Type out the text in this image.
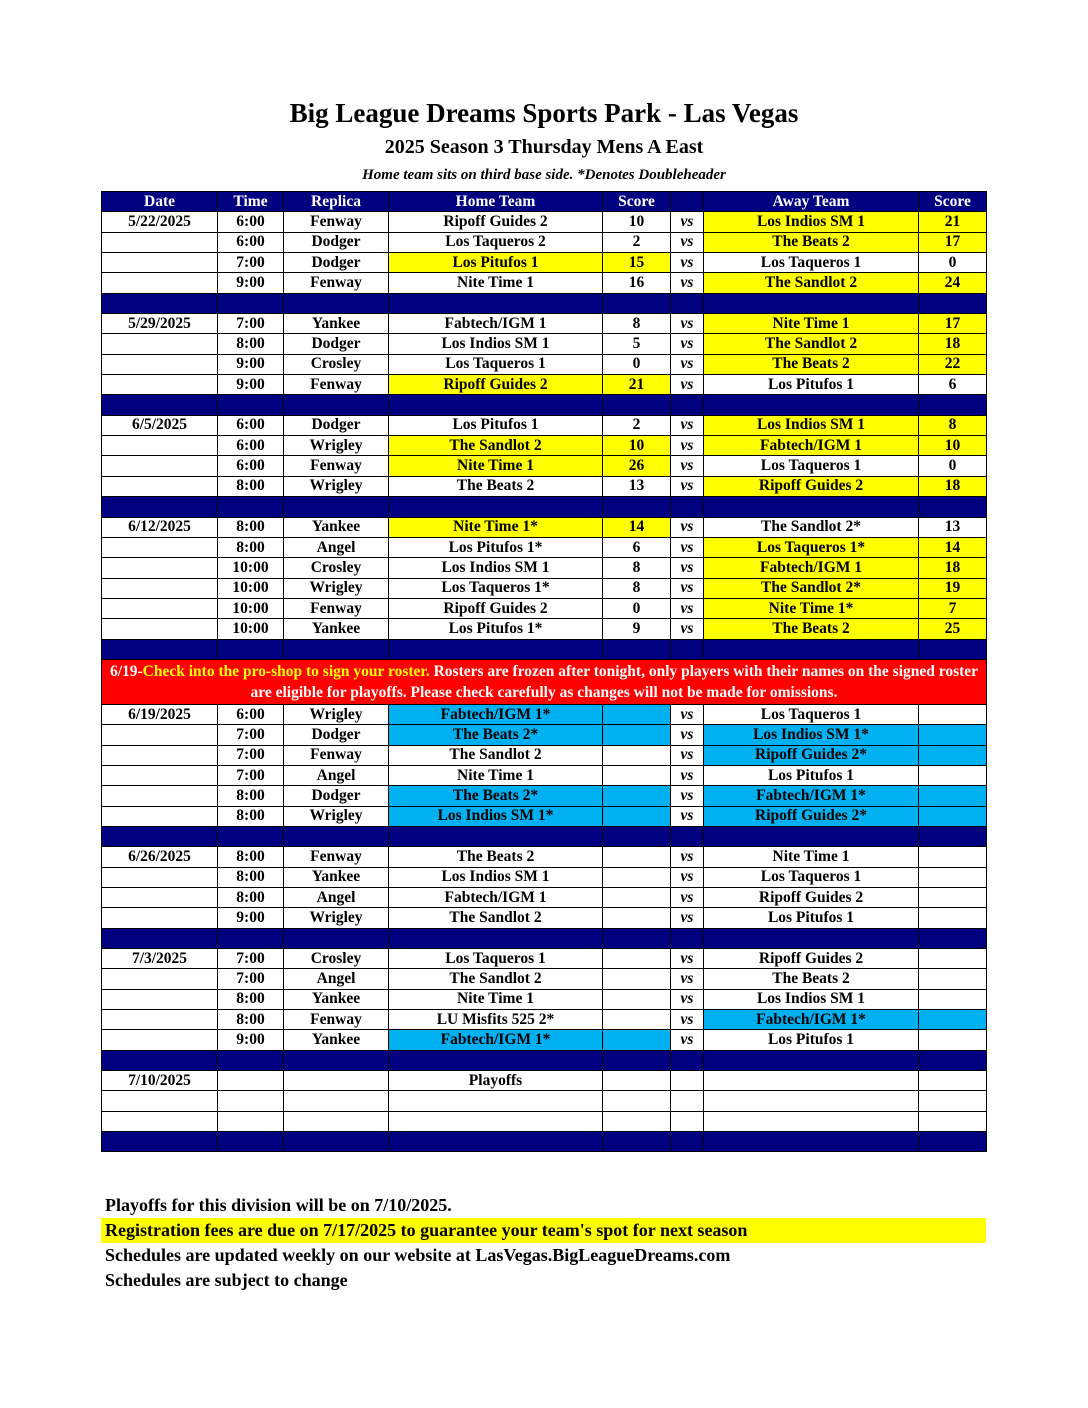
Big League Dreams Sports Park - Las Vegas
2025 Season 3 Thursday Mens A East
Home team sits on third base side. *Denotes Doubleheader
Date	Time	Replica	Home Team	Score		Away Team	Score
5/22/2025	6:00	Fenway	Ripoff Guides 2	10	vs	Los Indios SM 1	21
	6:00	Dodger	Los Taqueros 2	2	vs	The Beats 2	17
	7:00	Dodger	Los Pitufos 1	15	vs	Los Taqueros 1	0
	9:00	Fenway	Nite Time 1	16	vs	The Sandlot 2	24

5/29/2025	7:00	Yankee	Fabtech/IGM 1	8	vs	Nite Time 1	17
	8:00	Dodger	Los Indios SM 1	5	vs	The Sandlot 2	18
	9:00	Crosley	Los Taqueros 1	0	vs	The Beats 2	22
	9:00	Fenway	Ripoff Guides 2	21	vs	Los Pitufos 1	6

6/5/2025	6:00	Dodger	Los Pitufos 1	2	vs	Los Indios SM 1	8
	6:00	Wrigley	The Sandlot 2	10	vs	Fabtech/IGM 1	10
	6:00	Fenway	Nite Time 1	26	vs	Los Taqueros 1	0
	8:00	Wrigley	The Beats 2	13	vs	Ripoff Guides 2	18

6/12/2025	8:00	Yankee	Nite Time 1*	14	vs	The Sandlot 2*	13
	8:00	Angel	Los Pitufos 1*	6	vs	Los Taqueros 1*	14
	10:00	Crosley	Los Indios SM 1	8	vs	Fabtech/IGM 1	18
	10:00	Wrigley	Los Taqueros 1*	8	vs	The Sandlot 2*	19
	10:00	Fenway	Ripoff Guides 2	0	vs	Nite Time 1*	7
	10:00	Yankee	Los Pitufos 1*	9	vs	The Beats 2	25

6/19-Check into the pro-shop to sign your roster. Rosters are frozen after tonight, only players with their names on the signed roster are eligible for playoffs. Please check carefully as changes will not be made for omissions.							
6/19/2025	6:00	Wrigley	Fabtech/IGM 1*		vs	Los Taqueros 1	
	7:00	Dodger	The Beats 2*		vs	Los Indios SM 1*	
	7:00	Fenway	The Sandlot 2		vs	Ripoff Guides 2*	
	7:00	Angel	Nite Time 1		vs	Los Pitufos 1	
	8:00	Dodger	The Beats 2*		vs	Fabtech/IGM 1*	
	8:00	Wrigley	Los Indios SM 1*		vs	Ripoff Guides 2*	

6/26/2025	8:00	Fenway	The Beats 2		vs	Nite Time 1	
	8:00	Yankee	Los Indios SM 1		vs	Los Taqueros 1	
	8:00	Angel	Fabtech/IGM 1		vs	Ripoff Guides 2	
	9:00	Wrigley	The Sandlot 2		vs	Los Pitufos 1	

7/3/2025	7:00	Crosley	Los Taqueros 1		vs	Ripoff Guides 2	
	7:00	Angel	The Sandlot 2		vs	The Beats 2	
	8:00	Yankee	Nite Time 1		vs	Los Indios SM 1	
	8:00	Fenway	LU Misfits 525 2*		vs	Fabtech/IGM 1*	
	9:00	Yankee	Fabtech/IGM 1*		vs	Los Pitufos 1	

7/10/2025			Playoffs				

Playoffs for this division will be on 7/10/2025.
Registration fees are due on 7/17/2025 to guarantee your team's spot for next season
Schedules are updated weekly on our website at LasVegas.BigLeagueDreams.com
Schedules are subject to change
